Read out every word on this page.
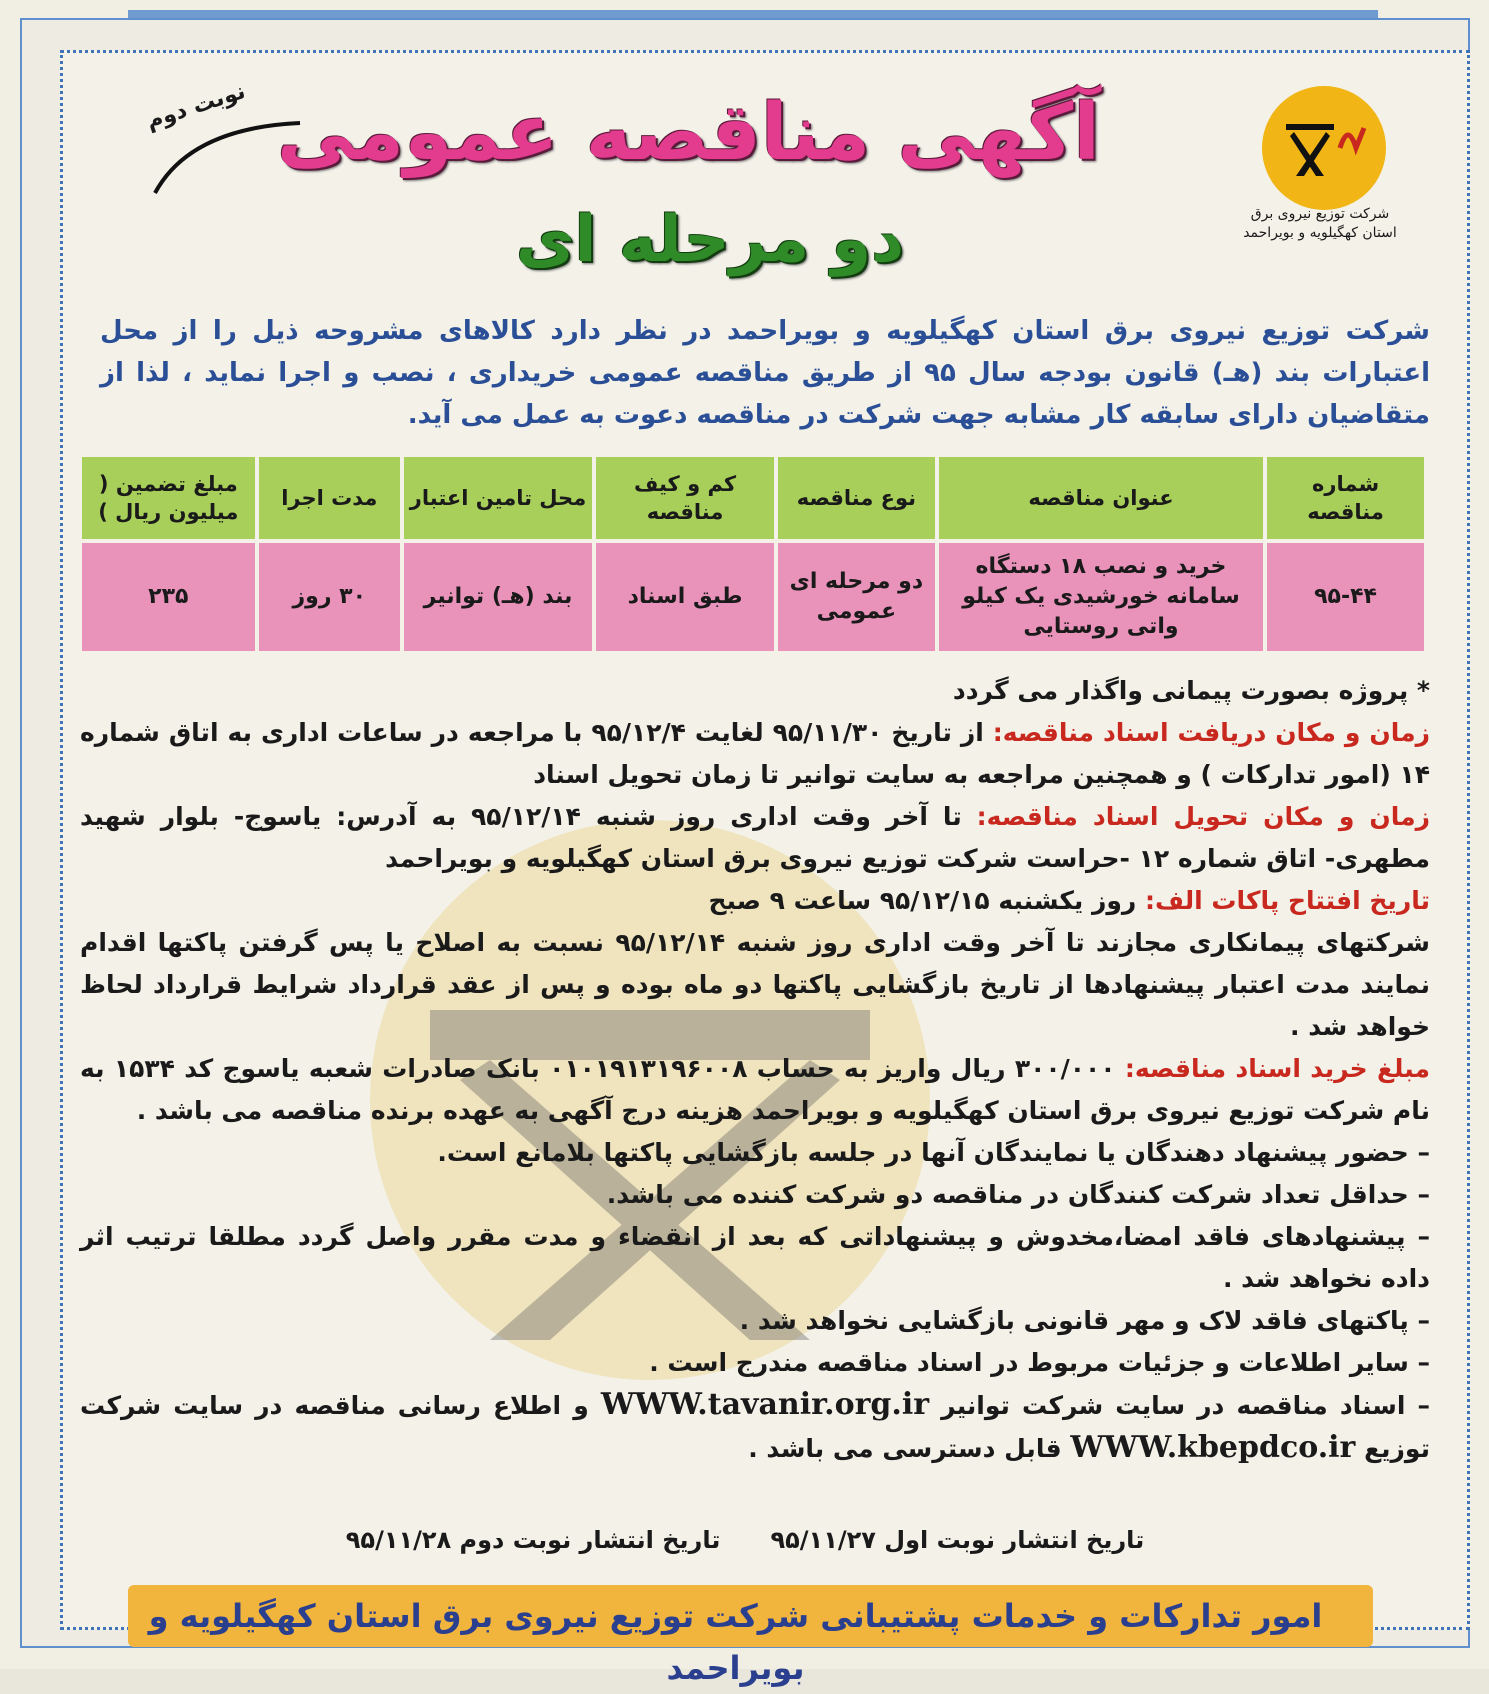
شرکت توزیع نیروی برق
استان کهگیلویه و بویراحمد
نوبت دوم آگهی مناقصه عمومی
دو مرحله ای
شرکت توزیع نیروی برق استان کهگیلویه و بویراحمد در نظر دارد کالاهای مشروحه ذیل را از محل اعتبارات بند (هـ) قانون بودجه سال ۹۵ از طریق مناقصه عمومی خریداری ، نصب و اجرا نماید ، لذا از متقاضیان دارای سابقه کار مشابه جهت شرکت در مناقصه دعوت به عمل می آید.
شماره مناقصه	عنوان مناقصه	نوع مناقصه	کم و کیف مناقصه	محل تامین اعتبار	مدت اجرا	مبلغ تضمین ( میلیون ریال )
۹۵-۴۴	خرید و نصب ۱۸ دستگاه سامانه خورشیدی یک کیلو واتی روستایی	دو مرحله ای عمومی	طبق اسناد	بند (هـ) توانیر	۳۰ روز	۲۳۵

* پروژه بصورت پیمانی واگذار می گردد

زمان و مکان دریافت اسناد مناقصه: از تاریخ ۹۵/۱۱/۳۰ لغایت ۹۵/۱۲/۴ با مراجعه در ساعات اداری به اتاق شماره ۱۴ (امور تدارکات ) و همچنین مراجعه به سایت توانیر تا زمان تحویل اسناد

زمان و مکان تحویل اسناد مناقصه: تا آخر وقت اداری روز شنبه ۹۵/۱۲/۱۴ به آدرس: یاسوج- بلوار شهید مطهری- اتاق شماره ۱۲ -حراست شرکت توزیع نیروی برق استان کهگیلویه و بویراحمد

تاریخ افتتاح پاکات الف: روز یکشنبه ۹۵/۱۲/۱۵ ساعت ۹ صبح

شرکتهای پیمانکاری مجازند تا آخر وقت اداری روز شنبه ۹۵/۱۲/۱۴ نسبت به اصلاح یا پس گرفتن پاکتها اقدام نمایند مدت اعتبار پیشنهادها از تاریخ بازگشایی پاکتها دو ماه بوده و پس از عقد قرارداد شرایط قرارداد لحاظ خواهد شد .

مبلغ خرید اسناد مناقصه: ۳۰۰/۰۰۰ ریال واریز به حساب ۰۱۰۱۹۱۳۱۹۶۰۰۸ بانک صادرات شعبه یاسوج کد ۱۵۳۴ به نام شرکت توزیع نیروی برق استان کهگیلویه و بویراحمد هزینه درج آگهی به عهده برنده مناقصه می باشد .

– حضور پیشنهاد دهندگان یا نمایندگان آنها در جلسه بازگشایی پاکتها بلامانع است.

– حداقل تعداد شرکت کنندگان در مناقصه دو شرکت کننده می باشد.

– پیشنهادهای فاقد امضا،مخدوش و پیشنهاداتی که بعد از انقضاء و مدت مقرر واصل گردد مطلقا ترتیب اثر داده نخواهد شد .

– پاکتهای فاقد لاک و مهر قانونی بازگشایی نخواهد شد .

– سایر اطلاعات و جزئیات مربوط در اسناد مناقصه مندرج است .

– اسناد مناقصه در سایت شرکت توانیر WWW.tavanir.org.ir و اطلاع رسانی مناقصه در سایت شرکت توزیع WWW.kbepdco.ir قابل دسترسی می باشد .

تاریخ انتشار نوبت اول ۹۵/۱۱/۲۷      تاریخ انتشار نوبت دوم ۹۵/۱۱/۲۸
امور تدارکات و خدمات پشتیبانی شرکت توزیع نیروی برق استان کهگیلویه و بویراحمد
